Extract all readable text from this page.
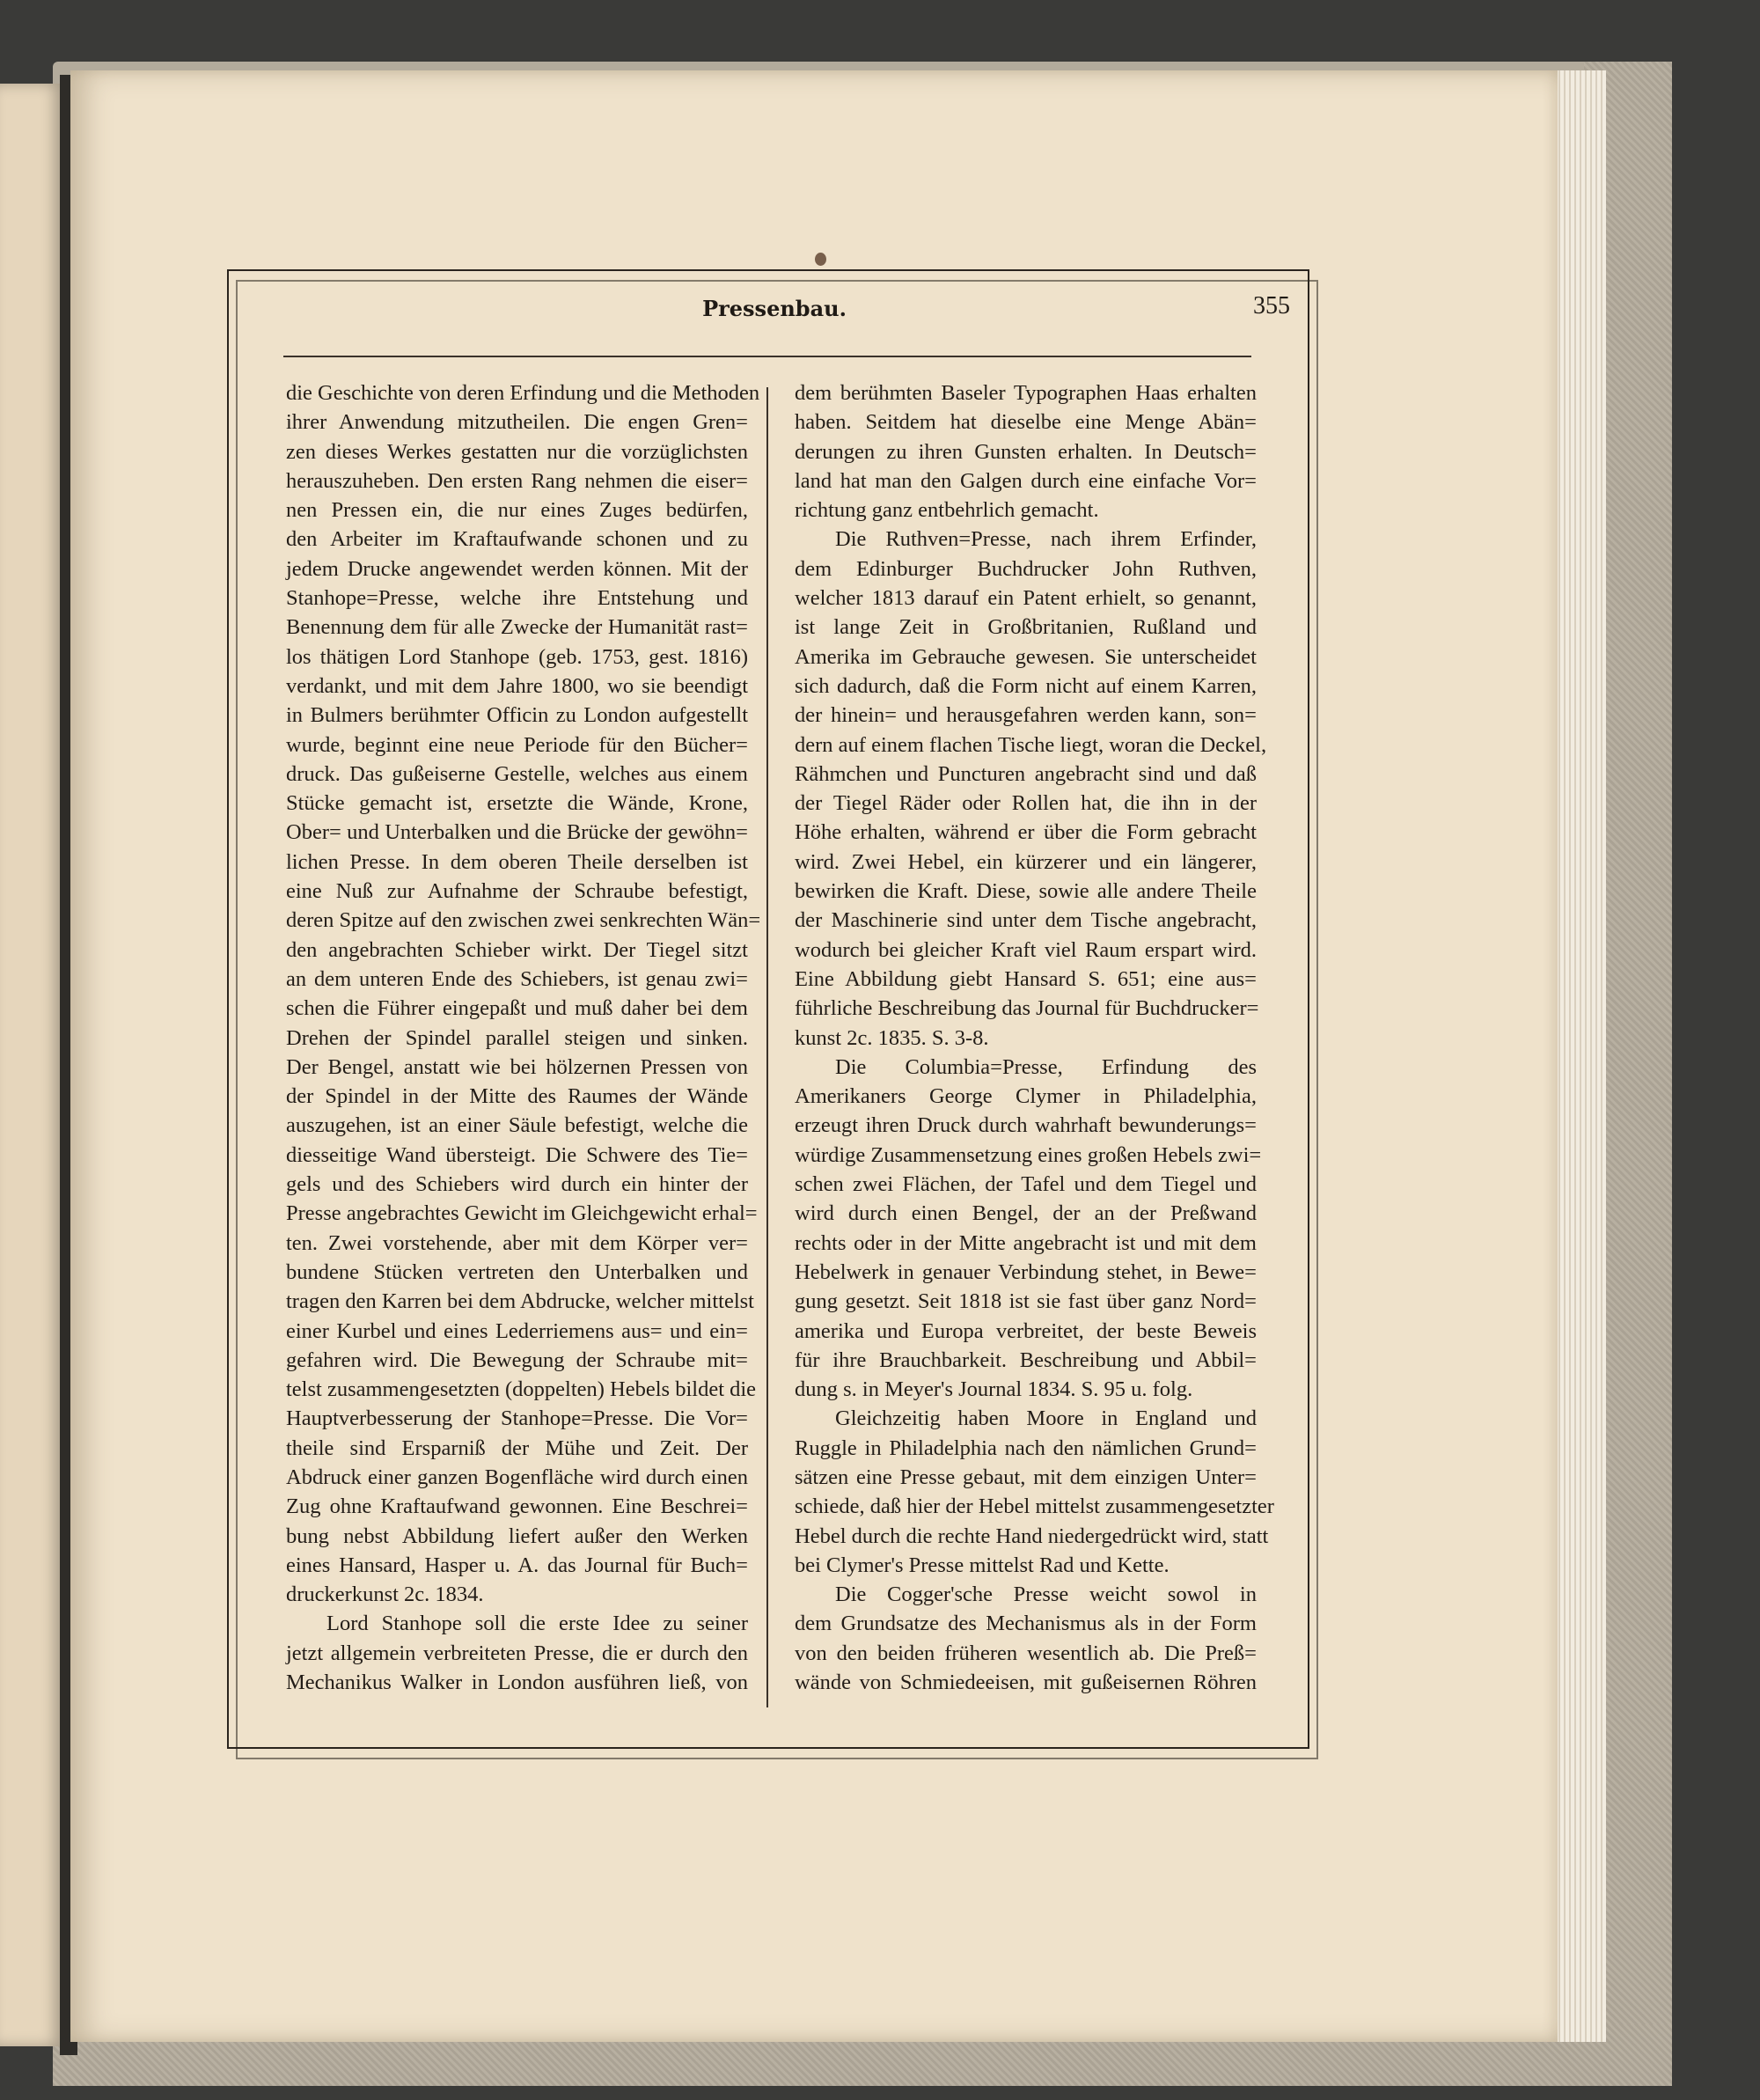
Pressenbau.	355
die Geschichte von deren Erfindung und die Methoden
ihrer Anwendung mitzutheilen. Die engen Gren=
zen dieses Werkes gestatten nur die vorzüglichsten
herauszuheben. Den ersten Rang nehmen die eiser=
nen Pressen ein, die nur eines Zuges bedürfen,
den Arbeiter im Kraftaufwande schonen und zu
jedem Drucke angewendet werden können. Mit der
Stanhope=Presse, welche ihre Entstehung und
Benennung dem für alle Zwecke der Humanität rast=
los thätigen Lord Stanhope (geb. 1753, gest. 1816)
verdankt, und mit dem Jahre 1800, wo sie beendigt
in Bulmers berühmter Officin zu London aufgestellt
wurde, beginnt eine neue Periode für den Bücher=
druck. Das gußeiserne Gestelle, welches aus einem
Stücke gemacht ist, ersetzte die Wände, Krone,
Ober= und Unterbalken und die Brücke der gewöhn=
lichen Presse. In dem oberen Theile derselben ist
eine Nuß zur Aufnahme der Schraube befestigt,
deren Spitze auf den zwischen zwei senkrechten Wän=
den angebrachten Schieber wirkt. Der Tiegel sitzt
an dem unteren Ende des Schiebers, ist genau zwi=
schen die Führer eingepaßt und muß daher bei dem
Drehen der Spindel parallel steigen und sinken.
Der Bengel, anstatt wie bei hölzernen Pressen von
der Spindel in der Mitte des Raumes der Wände
auszugehen, ist an einer Säule befestigt, welche die
diesseitige Wand übersteigt. Die Schwere des Tie=
gels und des Schiebers wird durch ein hinter der
Presse angebrachtes Gewicht im Gleichgewicht erhal=
ten. Zwei vorstehende, aber mit dem Körper ver=
bundene Stücken vertreten den Unterbalken und
tragen den Karren bei dem Abdrucke, welcher mittelst
einer Kurbel und eines Lederriemens aus= und ein=
gefahren wird. Die Bewegung der Schraube mit=
telst zusammengesetzten (doppelten) Hebels bildet die
Hauptverbesserung der Stanhope=Presse. Die Vor=
theile sind Ersparniß der Mühe und Zeit. Der
Abdruck einer ganzen Bogenfläche wird durch einen
Zug ohne Kraftaufwand gewonnen. Eine Beschrei=
bung nebst Abbildung liefert außer den Werken
eines Hansard, Hasper u. A. das Journal für Buch=
druckerkunst 2c. 1834.
Lord Stanhope soll die erste Idee zu seiner
jetzt allgemein verbreiteten Presse, die er durch den
Mechanikus Walker in London ausführen ließ, von
dem berühmten Baseler Typographen Haas erhalten
haben. Seitdem hat dieselbe eine Menge Abän=
derungen zu ihren Gunsten erhalten. In Deutsch=
land hat man den Galgen durch eine einfache Vor=
richtung ganz entbehrlich gemacht.
Die Ruthven=Presse, nach ihrem Erfinder,
dem Edinburger Buchdrucker John Ruthven,
welcher 1813 darauf ein Patent erhielt, so genannt,
ist lange Zeit in Großbritanien, Rußland und
Amerika im Gebrauche gewesen. Sie unterscheidet
sich dadurch, daß die Form nicht auf einem Karren,
der hinein= und herausgefahren werden kann, son=
dern auf einem flachen Tische liegt, woran die Deckel,
Rähmchen und Puncturen angebracht sind und daß
der Tiegel Räder oder Rollen hat, die ihn in der
Höhe erhalten, während er über die Form gebracht
wird. Zwei Hebel, ein kürzerer und ein längerer,
bewirken die Kraft. Diese, sowie alle andere Theile
der Maschinerie sind unter dem Tische angebracht,
wodurch bei gleicher Kraft viel Raum erspart wird.
Eine Abbildung giebt Hansard S. 651; eine aus=
führliche Beschreibung das Journal für Buchdrucker=
kunst 2c. 1835. S. 3-8.
Die Columbia=Presse, Erfindung des
Amerikaners George Clymer in Philadelphia,
erzeugt ihren Druck durch wahrhaft bewunderungs=
würdige Zusammensetzung eines großen Hebels zwi=
schen zwei Flächen, der Tafel und dem Tiegel und
wird durch einen Bengel, der an der Preßwand
rechts oder in der Mitte angebracht ist und mit dem
Hebelwerk in genauer Verbindung stehet, in Bewe=
gung gesetzt. Seit 1818 ist sie fast über ganz Nord=
amerika und Europa verbreitet, der beste Beweis
für ihre Brauchbarkeit. Beschreibung und Abbil=
dung s. in Meyer's Journal 1834. S. 95 u. folg.
Gleichzeitig haben Moore in England und
Ruggle in Philadelphia nach den nämlichen Grund=
sätzen eine Presse gebaut, mit dem einzigen Unter=
schiede, daß hier der Hebel mittelst zusammengesetzter
Hebel durch die rechte Hand niedergedrückt wird, statt
bei Clymer's Presse mittelst Rad und Kette.
Die Cogger'sche Presse weicht sowol in
dem Grundsatze des Mechanismus als in der Form
von den beiden früheren wesentlich ab. Die Preß=
wände von Schmiedeeisen, mit gußeisernen Röhren
